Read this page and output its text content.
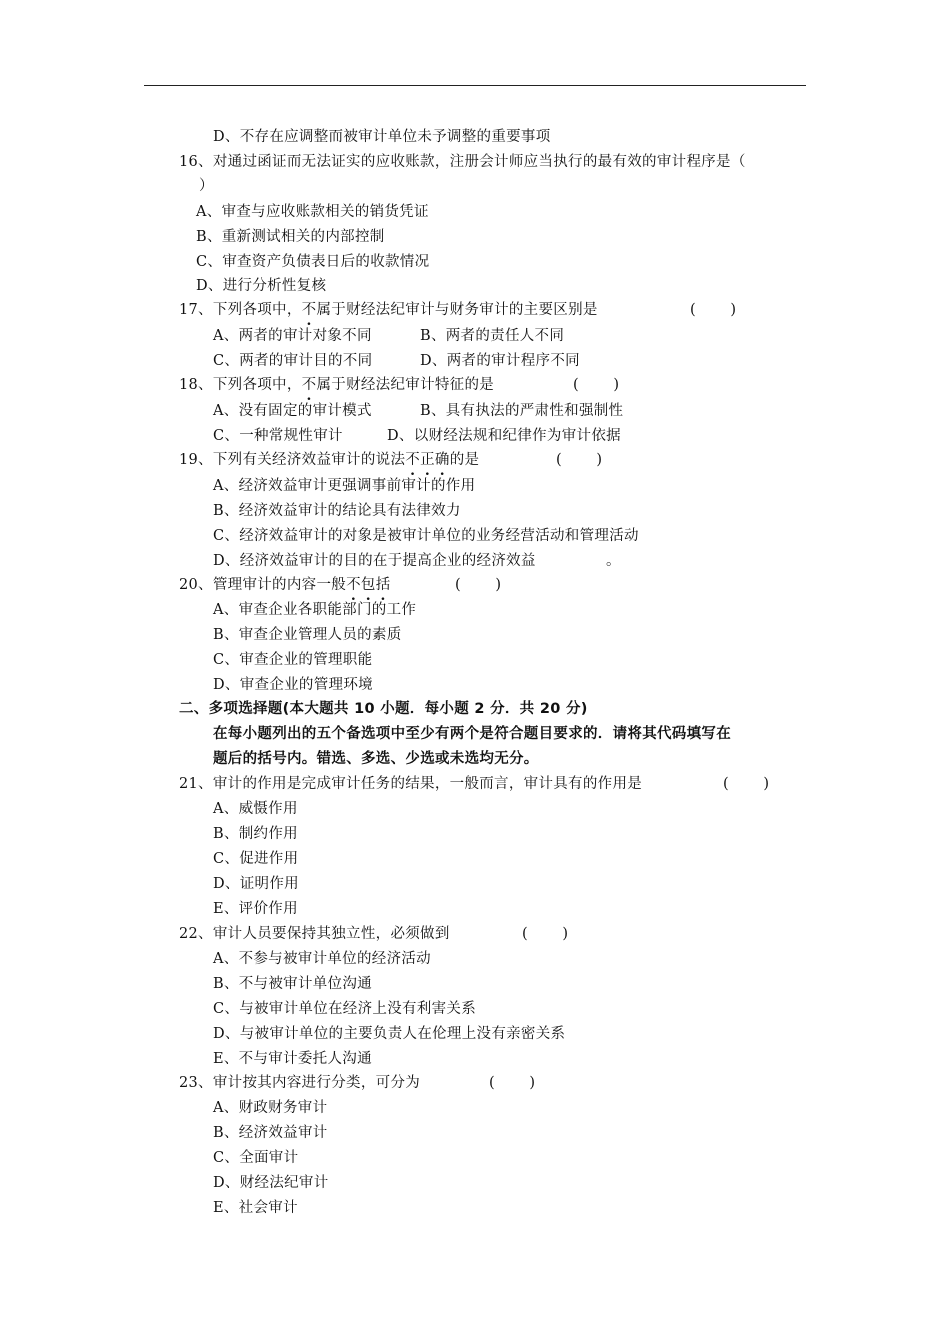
D、不存在应调整而被审计单位未予调整的重要事项
16、对通过函证而无法证实的应收账款，注册会计师应当执行的最有效的审计程序是（
）
A、审查与应收账款相关的销货凭证
B、重新测试相关的内部控制
C、审查资产负债表日后的收款情况
D、进行分析性复核
17、下列各项中，不属于财经法纪审计与财务审计的主要区别是	(       )
A、两者的审计对象不同	B、两者的责任人不同
C、两者的审计目的不同	D、两者的审计程序不同
18、下列各项中，不属于财经法纪审计特征的是	(       )
A、没有固定的审计模式	B、具有执法的严肃性和强制性
C、一种常规性审计	D、以财经法规和纪律作为审计依据
19、下列有关经济效益审计的说法不正确的是	(       )
A、经济效益审计更强调事前审计的作用
B、经济效益审计的结论具有法律效力
C、经济效益审计的对象是被审计单位的业务经营活动和管理活动
D、经济效益审计的目的在于提高企业的经济效益	。
20、管理审计的内容一般不包括	(       )
A、审查企业各职能部门的工作
B、审查企业管理人员的素质
C、审查企业的管理职能
D、审查企业的管理环境
二、多项选择题(本大题共 10 小题．每小题 2 分．共 20 分)
在每小题列出的五个备选项中至少有两个是符合题目要求的．请将其代码填写在
题后的括号内。错选、多选、少选或未选均无分。
21、审计的作用是完成审计任务的结果，一般而言，审计具有的作用是	(       )
A、威慑作用
B、制约作用
C、促进作用
D、证明作用
E、评价作用
22、审计人员要保持其独立性，必须做到	(       )
A、不参与被审计单位的经济活动
B、不与被审计单位沟通
C、与被审计单位在经济上没有利害关系
D、与被审计单位的主要负责人在伦理上没有亲密关系
E、不与审计委托人沟通
23、审计按其内容进行分类，可分为	(       )
A、财政财务审计
B、经济效益审计
C、全面审计
D、财经法纪审计
E、社会审计
